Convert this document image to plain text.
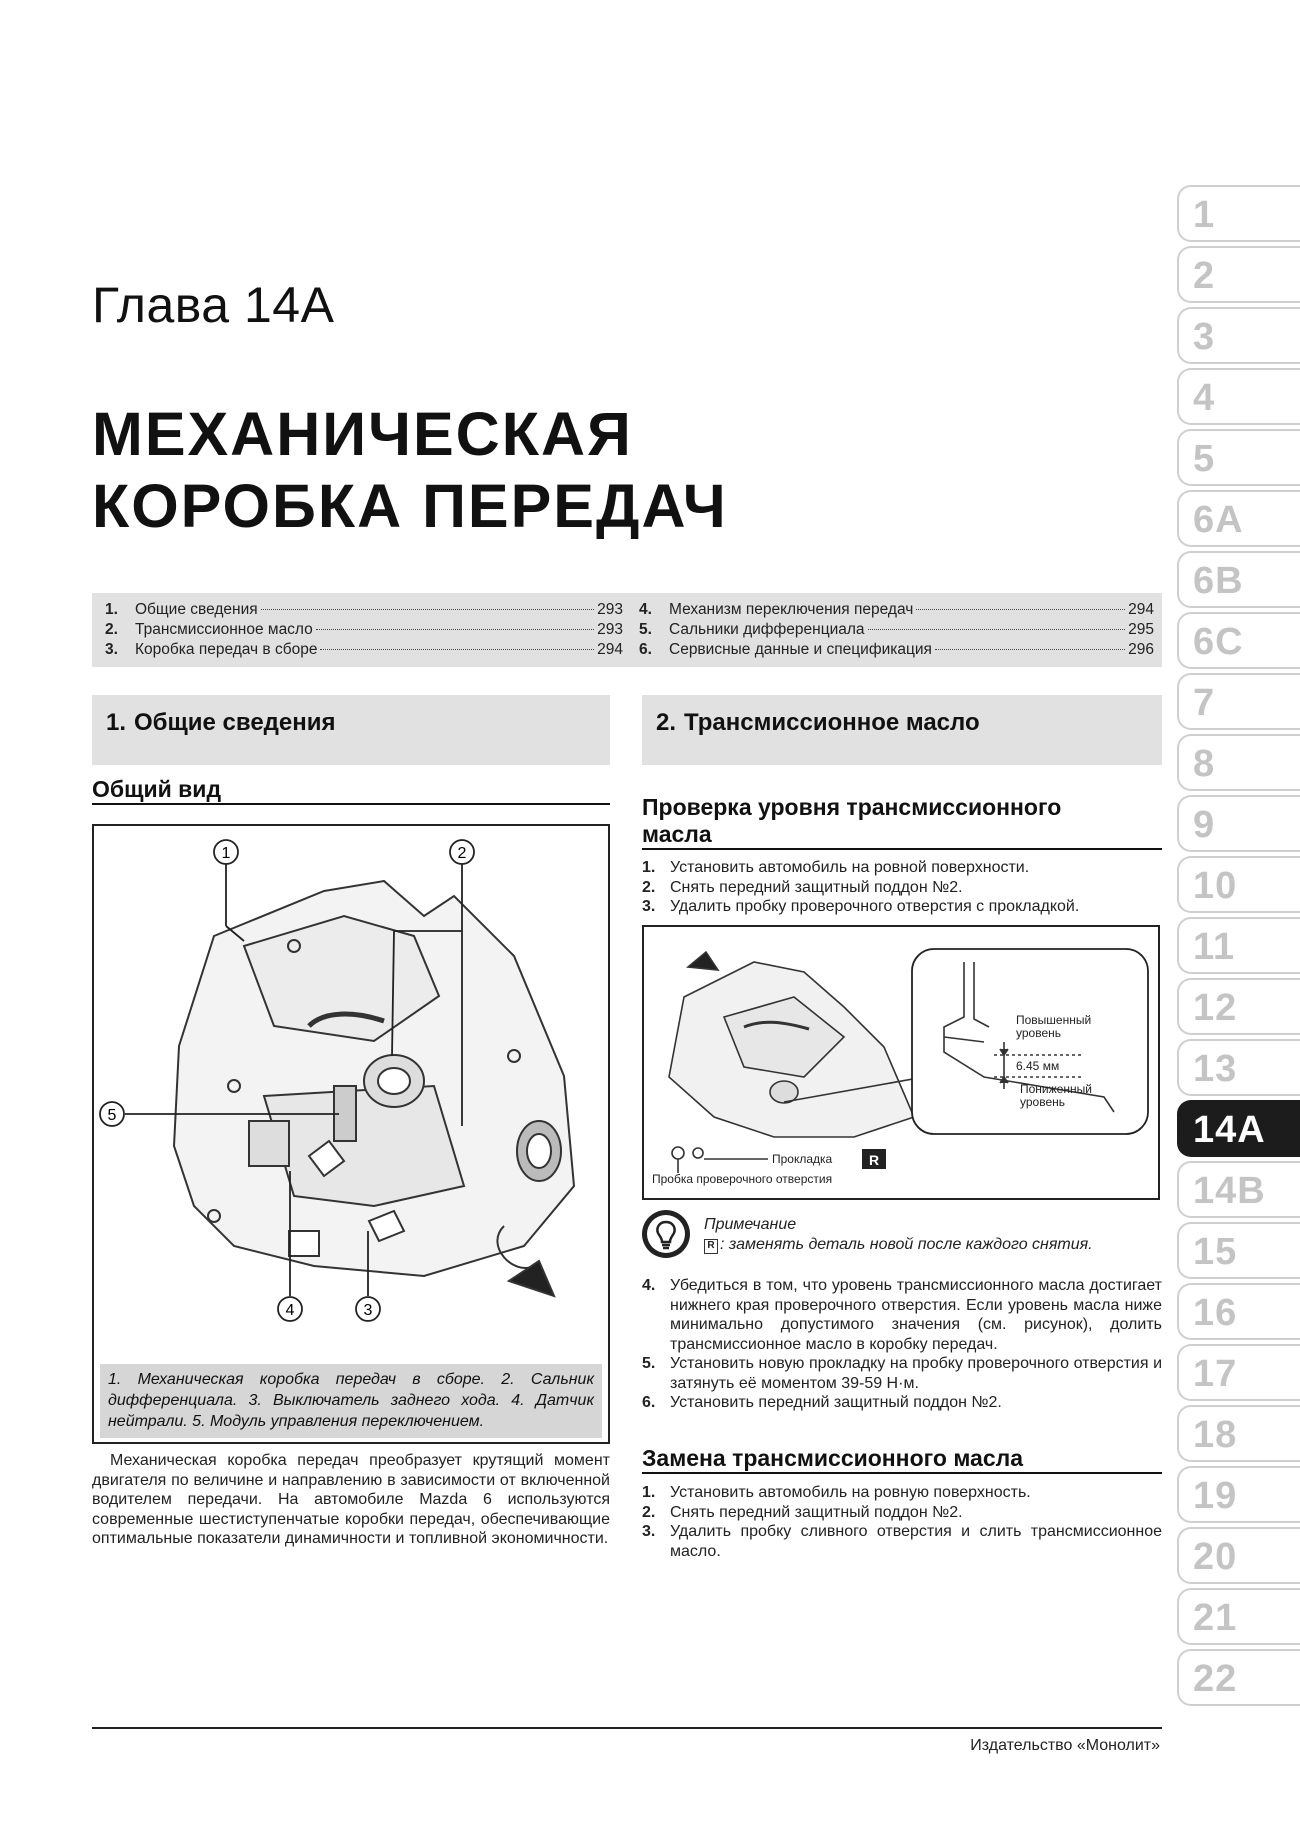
Глава 14А
МЕХАНИЧЕСКАЯ
КОРОБКА ПЕРЕДАЧ
1.	Общие сведения	293
2.	Трансмиссионное масло	293
3.	Коробка передач в сборе	294
4.	Механизм переключения передач	294
5.	Сальники дифференциала	295
6.	Сервисные данные и спецификация	296
1. Общие сведения	2. Трансмиссионное масло
Общий вид
1	2
5
4	3
1. Механическая коробка передач в сборе. 2. Сальник дифференциала. 3. Выключатель заднего хода. 4. Датчик нейтрали. 5. Модуль управления переключением.

Механическая коробка передач преобразует крутящий момент двигателя по величине и направлению в зависимости от включенной водителем передачи. На автомобиле Mazda 6 используются современные шестиступенчатые коробки передач, обеспечивающие оптимальные показатели динамичности и топливной экономичности.

Проверка уровня трансмиссионного
масла
1. Установить автомобиль на ровной поверхности.
2. Снять передний защитный поддон №2.
3. Удалить пробку проверочного отверстия с прокладкой.
Повышенный
уровень
6.45 мм
Пониженный
уровень
Прокладка
Пробка проверочного отверстия
R
Примечание
R : заменять деталь новой после каждого снятия.
4. Убедиться в том, что уровень трансмиссионного масла достигает нижнего края проверочного отверстия. Если уровень масла ниже минимально допустимого значения (см. рисунок), долить трансмиссионное масло в коробку передач.
5. Установить новую прокладку на пробку проверочного отверстия и затянуть её моментом 39-59 Н·м.
6. Установить передний защитный поддон №2.
Замена трансмиссионного масла
1. Установить автомобиль на ровную поверхность.
2. Снять передний защитный поддон №2.
3. Удалить пробку сливного отверстия и слить трансмиссионное масло.
1
2
3
4
5
6А
6В
6С
7
8
9
10
11
12
13
14А
14В
15
16
17
18
19
20
21
22
Издательство «Монолит»
